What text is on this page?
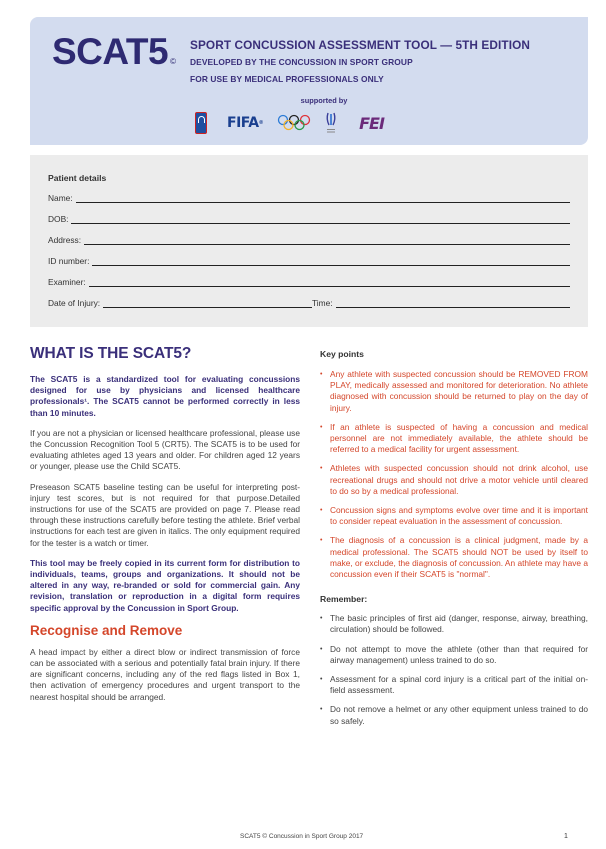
SCAT5 ©
SPORT CONCUSSION ASSESSMENT TOOL — 5TH EDITION
DEVELOPED BY THE CONCUSSION IN SPORT GROUP
FOR USE BY MEDICAL PROFESSIONALS ONLY
supported by
FIFA ®	FEI
Patient details
Name:
DOB:
Address:
ID number:
Examiner:
Date of Injury:	Time:
WHAT IS THE SCAT5?

The SCAT5 is a standardized tool for evaluating concussions designed for use by physicians and licensed healthcare professionals¹. The SCAT5 cannot be performed correctly in less than 10 minutes.

If you are not a physician or licensed healthcare professional, please use the Concussion Recognition Tool 5 (CRT5). The SCAT5 is to be used for evaluating athletes aged 13 years and older. For children aged 12 years or younger, please use the Child SCAT5.

Preseason SCAT5 baseline testing can be useful for interpreting post-injury test scores, but is not required for that purpose.Detailed instructions for use of the SCAT5 are provided on page 7. Please read through these instructions carefully before testing the athlete. Brief verbal instructions for each test are given in italics. The only equipment required for the tester is a watch or timer.

This tool may be freely copied in its current form for distribution to individuals, teams, groups and organizations. It should not be altered in any way, re-branded or sold for commercial gain. Any revision, translation or reproduction in a digital form requires specific approval by the Concussion in Sport Group.

Recognise and Remove

A head impact by either a direct blow or indirect transmission of force can be associated with a serious and potentially fatal brain injury. If there are significant concerns, including any of the red flags listed in Box 1, then activation of emergency procedures and urgent transport to the nearest hospital should be arranged.

Key points
• Any athlete with suspected concussion should be REMOVED FROM PLAY, medically assessed and monitored for deterioration. No athlete diagnosed with concussion should be returned to play on the day of injury.
• If an athlete is suspected of having a concussion and medical personnel are not immediately available, the athlete should be referred to a medical facility for urgent assessment.
• Athletes with suspected concussion should not drink alcohol, use recreational drugs and should not drive a motor vehicle until cleared to do so by a medical professional.
• Concussion signs and symptoms evolve over time and it is important to consider repeat evaluation in the assessment of concussion.
• The diagnosis of a concussion is a clinical judgment, made by a medical professional. The SCAT5 should NOT be used by itself to make, or exclude, the diagnosis of concussion. An athlete may have a concussion even if their SCAT5 is "normal".
Remember:
• The basic principles of first aid (danger, response, airway, breathing, circulation) should be followed.
• Do not attempt to move the athlete (other than that required for airway management) unless trained to do so.
• Assessment for a spinal cord injury is a critical part of the initial on-field assessment.
• Do not remove a helmet or any other equipment unless trained to do so safely.
SCAT5 © Concussion in Sport Group 2017	1
